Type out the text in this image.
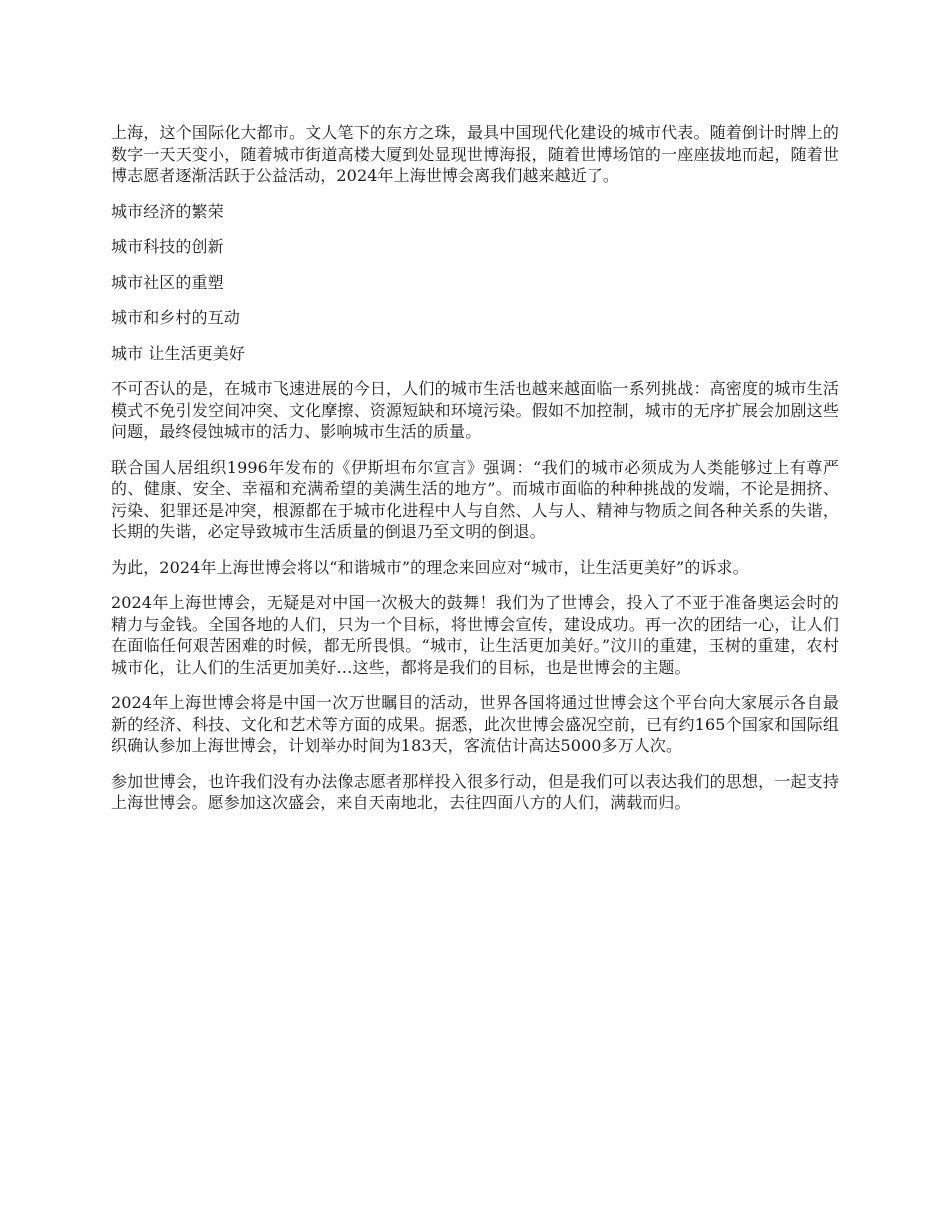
上海，这个国际化大都市。文人笔下的东方之珠，最具中国现代化建设的城市代表。随着倒计时牌上的数字一天天变小，随着城市街道高楼大厦到处显现世博海报，随着世博场馆的一座座拔地而起，随着世博志愿者逐渐活跃于公益活动，2024年上海世博会离我们越来越近了。

城市经济的繁荣

城市科技的创新

城市社区的重塑

城市和乡村的互动

城市 让生活更美好

不可否认的是，在城市飞速进展的今日，人们的城市生活也越来越面临一系列挑战：高密度的城市生活模式不免引发空间冲突、文化摩擦、资源短缺和环境污染。假如不加控制，城市的无序扩展会加剧这些问题，最终侵蚀城市的活力、影响城市生活的质量。

联合国人居组织1996年发布的《伊斯坦布尔宣言》强调：“我们的城市必须成为人类能够过上有尊严的、健康、安全、幸福和充满希望的美满生活的地方”。而城市面临的种种挑战的发端，不论是拥挤、污染、犯罪还是冲突，根源都在于城市化进程中人与自然、人与人、精神与物质之间各种关系的失谐，长期的失谐，必定导致城市生活质量的倒退乃至文明的倒退。

为此，2024年上海世博会将以“和谐城市”的理念来回应对“城市，让生活更美好”的诉求。

2024年上海世博会，无疑是对中国一次极大的鼓舞！我们为了世博会，投入了不亚于准备奥运会时的精力与金钱。全国各地的人们，只为一个目标，将世博会宣传，建设成功。再一次的团结一心，让人们在面临任何艰苦困难的时候，都无所畏惧。“城市，让生活更加美好。”汶川的重建，玉树的重建，农村城市化，让人们的生活更加美好…这些，都将是我们的目标，也是世博会的主题。

2024年上海世博会将是中国一次万世瞩目的活动，世界各国将通过世博会这个平台向大家展示各自最新的经济、科技、文化和艺术等方面的成果。据悉，此次世博会盛况空前，已有约165个国家和国际组织确认参加上海世博会，计划举办时间为183天，客流估计高达5000多万人次。

参加世博会，也许我们没有办法像志愿者那样投入很多行动，但是我们可以表达我们的思想，一起支持上海世博会。愿参加这次盛会，来自天南地北，去往四面八方的人们，满载而归。
